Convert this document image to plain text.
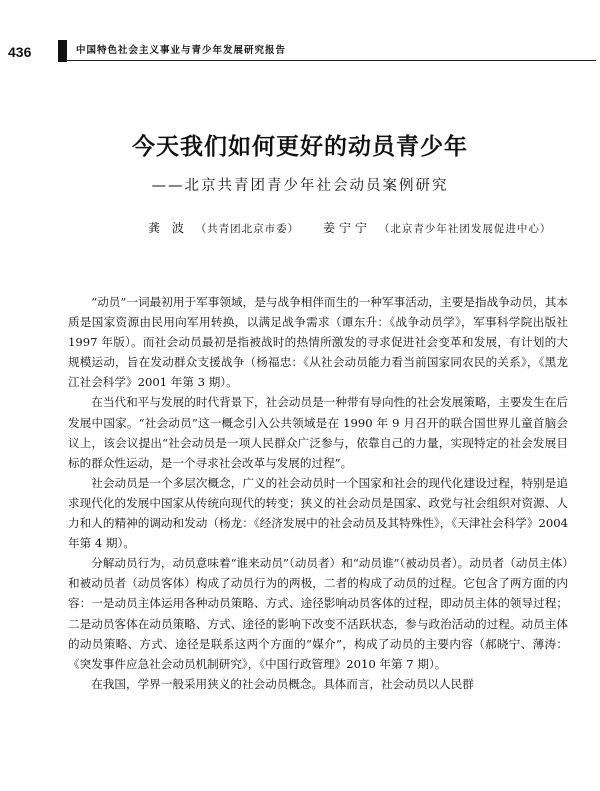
436	中国特色社会主义事业与青少年发展研究报告
今天我们如何更好的动员青少年
——北京共青团青少年社会动员案例研究
龚 波 （共青团北京市委） 姜宁宁 （北京青少年社团发展促进中心）

“动员”一词最初用于军事领域，是与战争相伴而生的一种军事活动，主要是指战争动员，其本质是国家资源由民用向军用转换，以满足战争需求（谭东升：《战争动员学》，军事科学院出版社 1997 年版）。而社会动员最初是指被战时的热情所激发的寻求促进社会变革和发展，有计划的大规模运动，旨在发动群众支援战争（杨福忠：《从社会动员能力看当前国家同农民的关系》，《黑龙江社会科学》2001 年第 3 期）。

在当代和平与发展的时代背景下，社会动员是一种带有导向性的社会发展策略，主要发生在后发展中国家。“社会动员”这一概念引入公共领域是在 1990 年 9 月召开的联合国世界儿童首脑会议上，该会议提出“社会动员是一项人民群众广泛参与，依靠自己的力量，实现特定的社会发展目标的群众性运动，是一个寻求社会改革与发展的过程”。

社会动员是一个多层次概念，广义的社会动员时一个国家和社会的现代化建设过程，特别是追求现代化的发展中国家从传统向现代的转变；狭义的社会动员是国家、政党与社会组织对资源、人力和人的精神的调动和发动（杨龙：《经济发展中的社会动员及其特殊性》，《天津社会科学》2004 年第 4 期）。

分解动员行为，动员意味着“谁来动员”（动员者）和“动员谁”（被动员者）。动员者（动员主体）和被动员者（动员客体）构成了动员行为的两极，二者的构成了动员的过程。它包含了两方面的内容：一是动员主体运用各种动员策略、方式、途径影响动员客体的过程，即动员主体的领导过程；二是动员客体在动员策略、方式、途径的影响下改变不活跃状态，参与政治活动的过程。动员主体的动员策略、方式、途径是联系这两个方面的“媒介”，构成了动员的主要内容（郝晓宁、薄涛：《突发事件应急社会动员机制研究》，《中国行政管理》2010 年第 7 期）。

在我国，学界一般采用狭义的社会动员概念。具体而言，社会动员以人民群
